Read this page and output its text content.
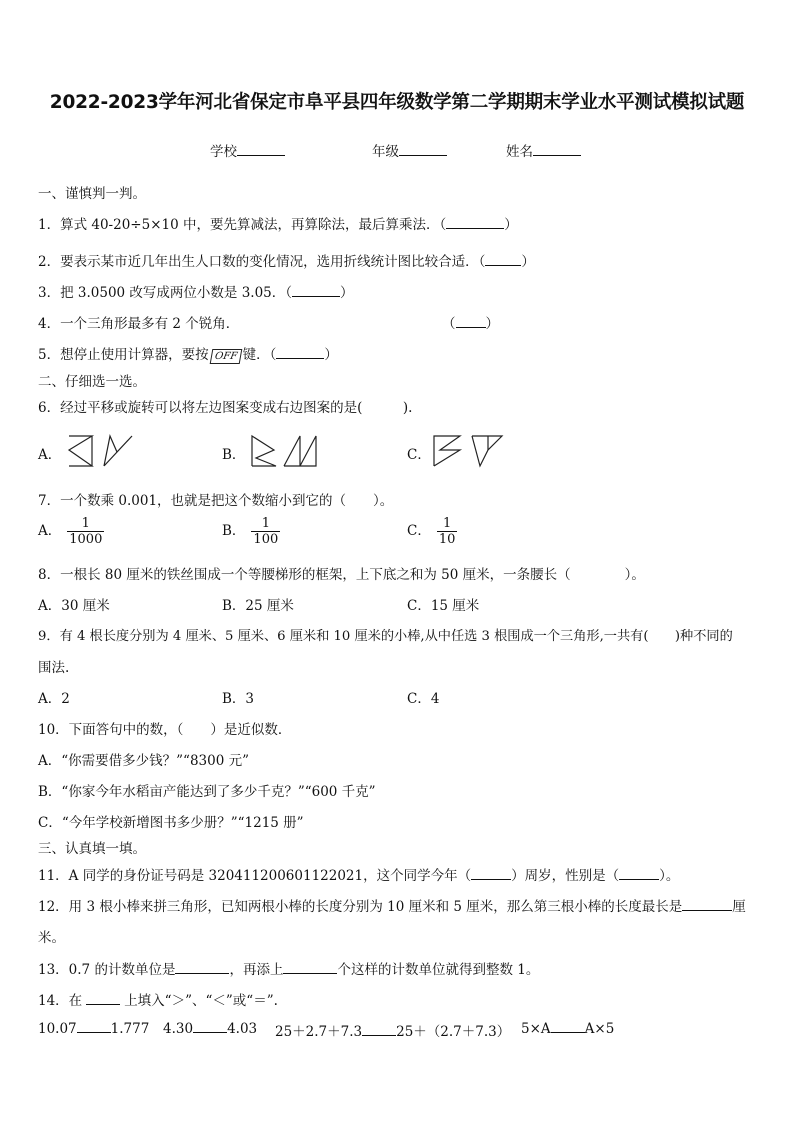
2022-2023学年河北省保定市阜平县四年级数学第二学期期末学业水平测试模拟试题
学校	年级	姓名
一、谨慎判一判。
1．算式 40-20÷5×10 中，要先算减法，再算除法，最后算乘法．（	）
2．要表示某市近几年出生人口数的变化情况，选用折线统计图比较合适．（	）
3．把 3.0500 改写成两位小数是 3.05．（	）
4．一个三角形最多有 2 个锐角．	（ ）
5．想停止使用计算器，要按 OFF 键．（	）
二、仔细选一选。
6．经过平移或旋转可以将左边图案变成右边图案的是(　　　).
A．	B．	C．
7．一个数乘 0.001，也就是把这个数缩小到它的（　　）。
A． $\frac{1}{1000}$	B． $\frac{1}{100}$	C． $\frac{1}{10}$
8．一根长 80 厘米的铁丝围成一个等腰梯形的框架，上下底之和为 50 厘米，一条腰长（　　　　）。
A．30 厘米	B．25 厘米	C．15 厘米
9．有 4 根长度分别为 4 厘米、5 厘米、6 厘米和 10 厘米的小棒,从中任选 3 根围成一个三角形,一共有(　　)种不同的
围法.
A．2	B．3	C．4
10．下面答句中的数，（　　）是近似数．
A．“你需要借多少钱？”“8300 元”
B．“你家今年水稻亩产能达到了多少千克？”“600 千克”
C．“今年学校新增图书多少册？”“1215 册”
三、认真填一填。
11．A 同学的身份证号码是 320411200601122021，这个同学今年（	）周岁，性别是（	）。
12．用 3 根小棒来拼三角形，已知两根小棒的长度分别为 10 厘米和 5 厘米，那么第三根小棒的长度最长是	厘
米。
13．0.7 的计数单位是	，再添上	个这样的计数单位就得到整数 1。
14．在	上填入“＞”、“＜”或“＝”.
10.07	1.777 4.30	4.03 25＋2.7＋7.3	25＋（2.7＋7.3） 5×A	A×5
